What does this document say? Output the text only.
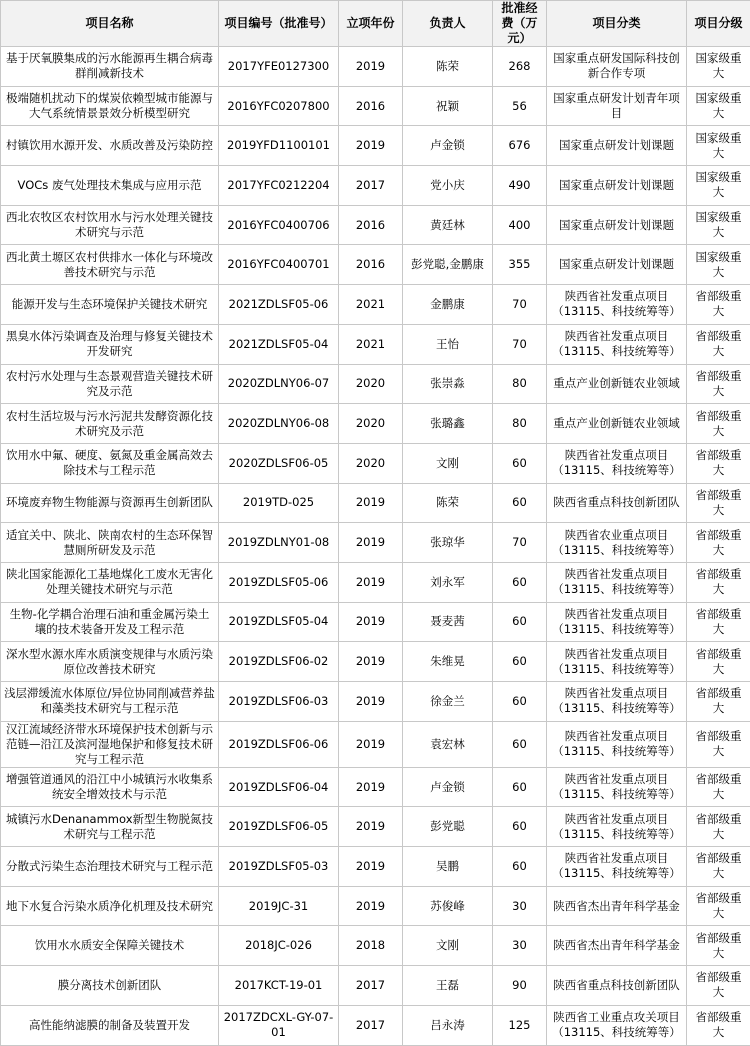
项目名称	项目编号（批准号）	立项年份	负责人	批准经费（万元）	项目分类	项目分级
基于厌氧膜集成的污水能源再生耦合病毒群削减新技术	2017YFE0127300	2019	陈荣	268	国家重点研发国际科技创新合作专项	国家级重大
极端随机扰动下的煤炭依赖型城市能源与大气系统情景景效分析模型研究	2016YFC0207800	2016	祝颖	56	国家重点研发计划青年项目	国家级重大
村镇饮用水源开发、水质改善及污染防控	2019YFD1100101	2019	卢金锁	676	国家重点研发计划课题	国家级重大
VOCs 废气处理技术集成与应用示范	2017YFC0212204	2017	党小庆	490	国家重点研发计划课题	国家级重大
西北农牧区农村饮用水与污水处理关键技术研究与示范	2016YFC0400706	2016	黄廷林	400	国家重点研发计划课题	国家级重大
西北黄土塬区农村供排水一体化与环境改善技术研究与示范	2016YFC0400701	2016	彭党聪,金鹏康	355	国家重点研发计划课题	国家级重大
能源开发与生态环境保护关键技术研究	2021ZDLSF05-06	2021	金鹏康	70	陕西省社发重点项目（13115、科技统筹等）	省部级重大
黑臭水体污染调查及治理与修复关键技术开发研究	2021ZDLSF05-04	2021	王怡	70	陕西省社发重点项目（13115、科技统筹等）	省部级重大
农村污水处理与生态景观营造关键技术研究及示范	2020ZDLNY06-07	2020	张崇淼	80	重点产业创新链农业领域	省部级重大
农村生活垃圾与污水污泥共发酵资源化技术研究及示范	2020ZDLNY06-08	2020	张璐鑫	80	重点产业创新链农业领域	省部级重大
饮用水中氟、硬度、氨氮及重金属高效去除技术与工程示范	2020ZDLSF06-05	2020	文刚	60	陕西省社发重点项目（13115、科技统筹等）	省部级重大
环境废弃物生物能源与资源再生创新团队	2019TD-025	2019	陈荣	60	陕西省重点科技创新团队	省部级重大
适宜关中、陕北、陕南农村的生态环保智慧厕所研发及示范	2019ZDLNY01-08	2019	张琼华	70	陕西省农业重点项目（13115、科技统筹等）	省部级重大
陕北国家能源化工基地煤化工废水无害化处理关键技术研究与示范	2019ZDLSF05-06	2019	刘永军	60	陕西省社发重点项目（13115、科技统筹等）	省部级重大
生物-化学耦合治理石油和重金属污染土壤的技术装备开发及工程示范	2019ZDLSF05-04	2019	聂麦茜	60	陕西省社发重点项目（13115、科技统筹等）	省部级重大
深水型水源水库水质演变规律与水质污染原位改善技术研究	2019ZDLSF06-02	2019	朱维晃	60	陕西省社发重点项目（13115、科技统筹等）	省部级重大
浅层滞缓流水体原位/异位协同削减营养盐和藻类技术研究与工程示范	2019ZDLSF06-03	2019	徐金兰	60	陕西省社发重点项目（13115、科技统筹等）	省部级重大
汉江流域经济带水环境保护技术创新与示范链—沿江及滨河湿地保护和修复技术研究与工程示范	2019ZDLSF06-06	2019	袁宏林	60	陕西省社发重点项目（13115、科技统筹等）	省部级重大
增强管道通风的沿江中小城镇污水收集系统安全增效技术与示范	2019ZDLSF06-04	2019	卢金锁	60	陕西省社发重点项目（13115、科技统筹等）	省部级重大
城镇污水Denanammox新型生物脱氮技术研究与工程示范	2019ZDLSF06-05	2019	彭党聪	60	陕西省社发重点项目（13115、科技统筹等）	省部级重大
分散式污染生态治理技术研究与工程示范	2019ZDLSF05-03	2019	吴鹏	60	陕西省社发重点项目（13115、科技统筹等）	省部级重大
地下水复合污染水质净化机理及技术研究	2019JC-31	2019	苏俊峰	30	陕西省杰出青年科学基金	省部级重大
饮用水水质安全保障关键技术	2018JC-026	2018	文刚	30	陕西省杰出青年科学基金	省部级重大
膜分离技术创新团队	2017KCT-19-01	2017	王磊	90	陕西省重点科技创新团队	省部级重大
高性能纳滤膜的制备及装置开发	2017ZDCXL-GY-07-01	2017	吕永涛	125	陕西省工业重点攻关项目（13115、科技统筹等）	省部级重大
